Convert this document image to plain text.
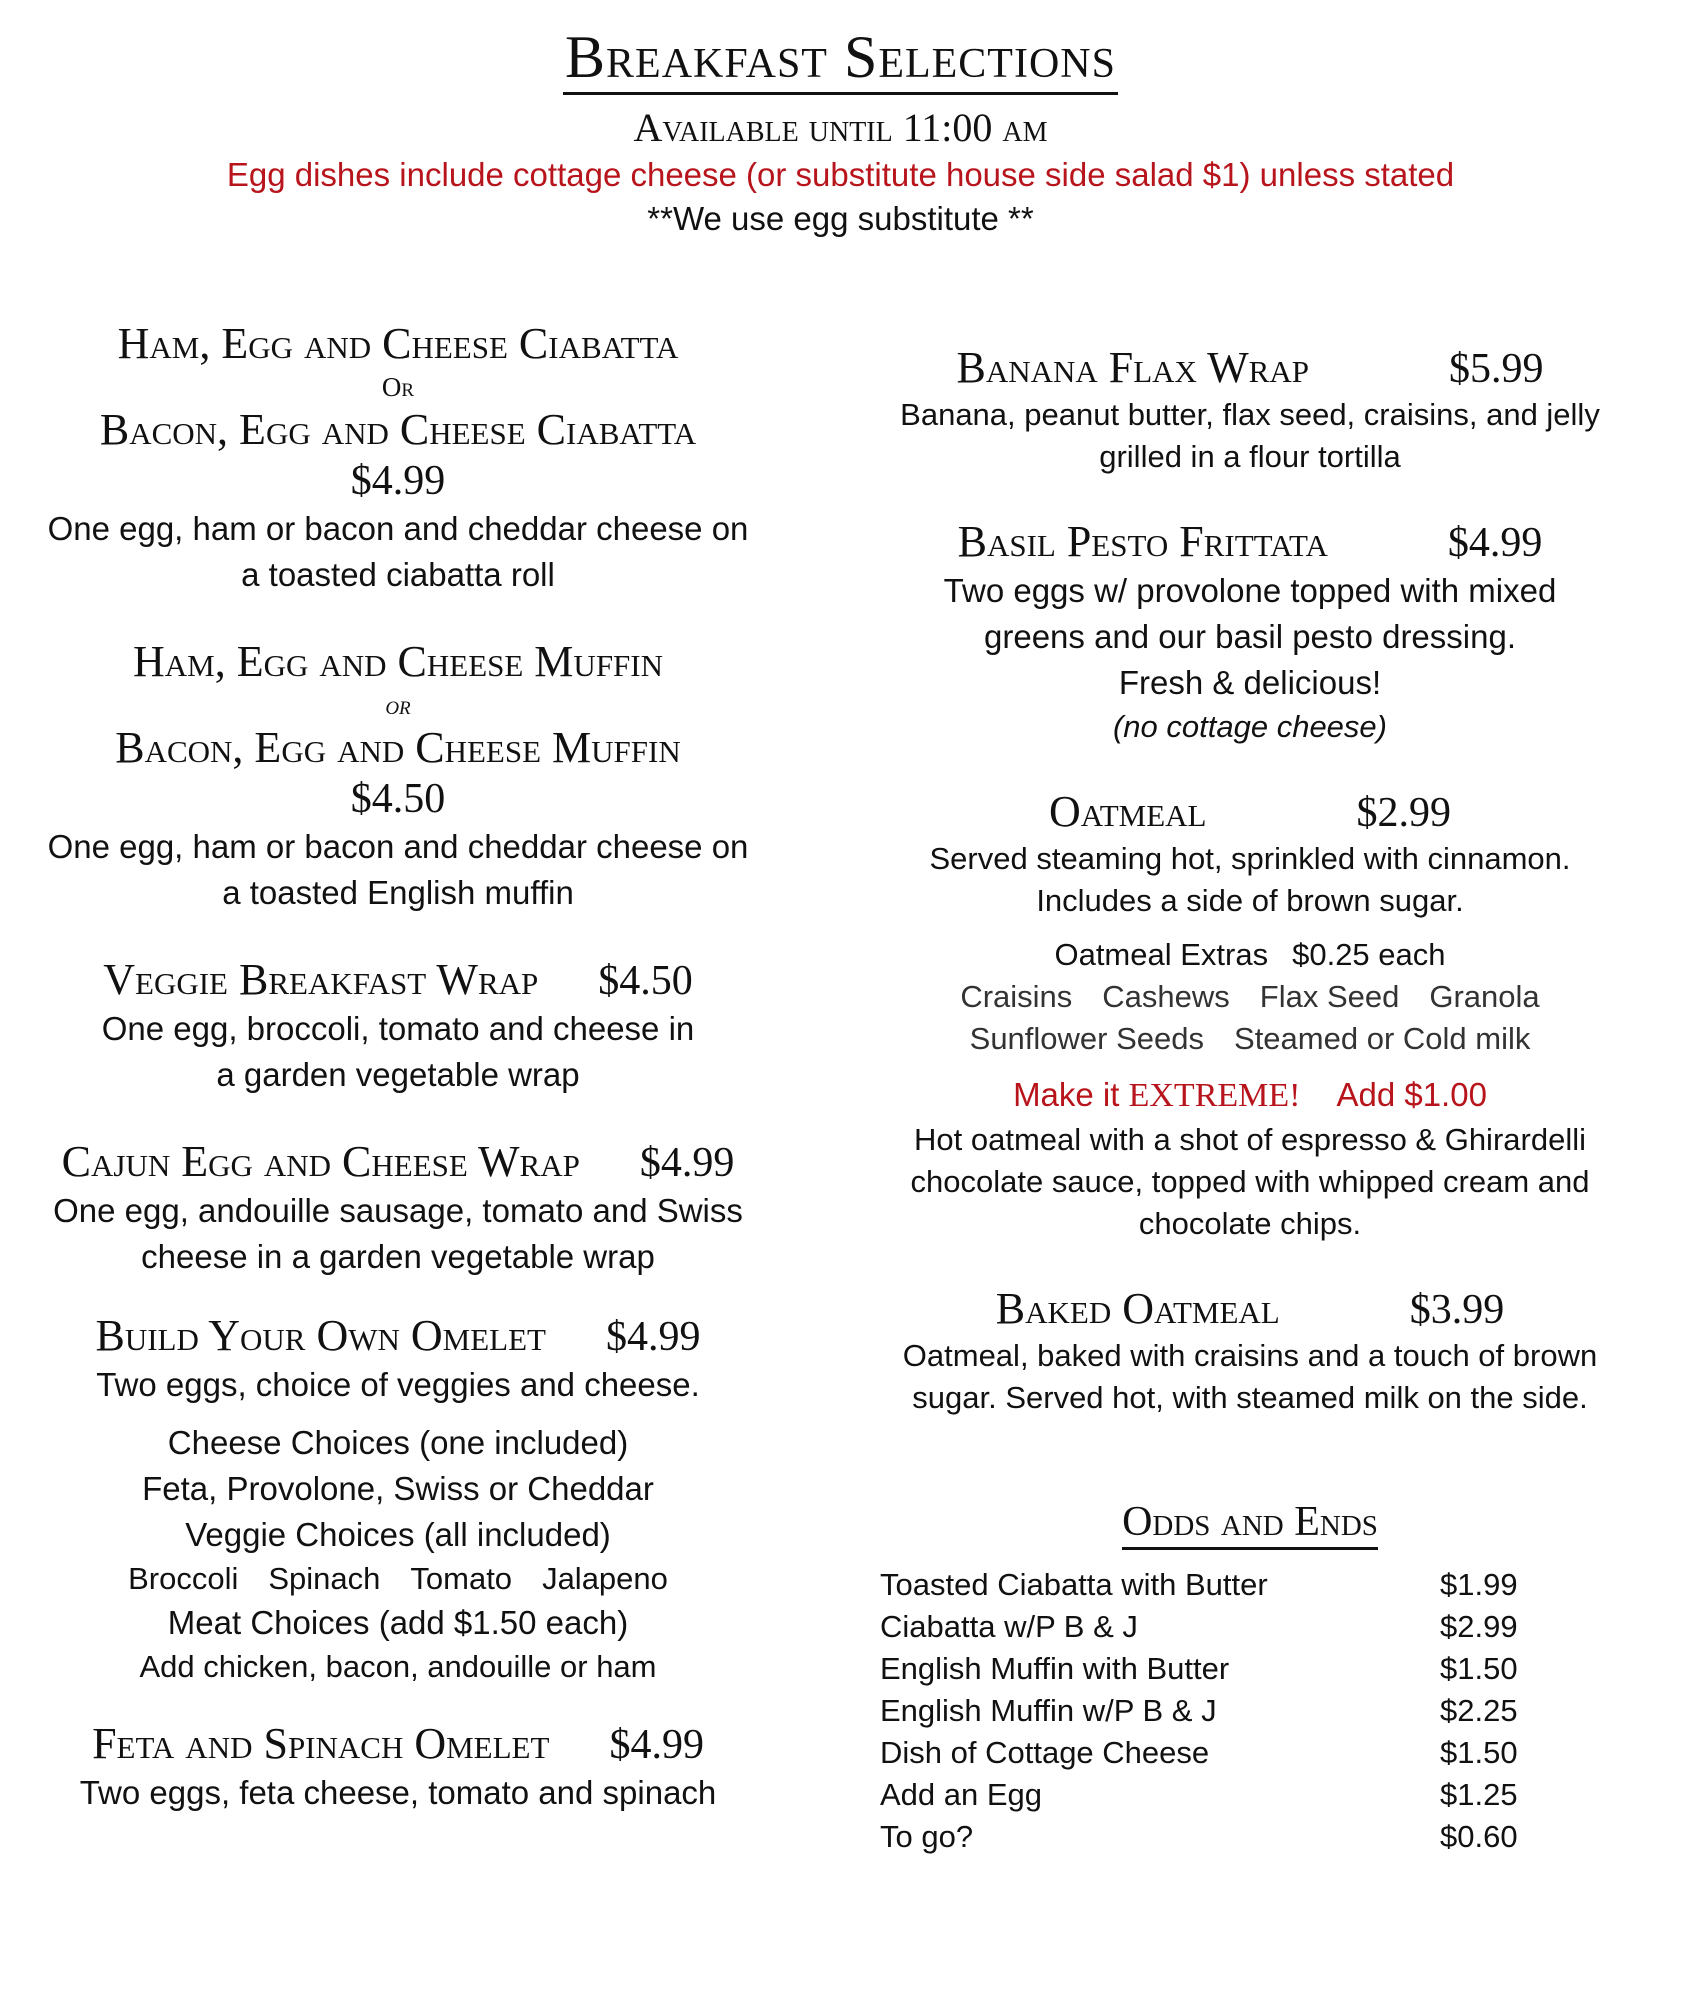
Breakfast Selections
Available until 11:00 am
Egg dishes include cottage cheese (or substitute house side salad $1) unless stated
**We use egg substitute **
Ham, Egg and Cheese Ciabatta
Or
Bacon, Egg and Cheese Ciabatta
$4.99
One egg, ham or bacon and cheddar cheese on
a toasted ciabatta roll
Ham, Egg and Cheese Muffin
or
Bacon, Egg and Cheese Muffin
$4.50
One egg, ham or bacon and cheddar cheese on
a toasted English muffin
Veggie Breakfast Wrap $4.50
One egg, broccoli, tomato and cheese in
a garden vegetable wrap
Cajun Egg and Cheese Wrap $4.99
One egg, andouille sausage, tomato and Swiss
cheese in a garden vegetable wrap
Build Your Own Omelet $4.99
Two eggs, choice of veggies and cheese.
Cheese Choices (one included)
Feta, Provolone, Swiss or Cheddar
Veggie Choices (all included)
Broccoli Spinach Tomato Jalapeno
Meat Choices (add $1.50 each)
Add chicken, bacon, andouille or ham
Feta and Spinach Omelet $4.99
Two eggs, feta cheese, tomato and spinach
Banana Flax Wrap	$5.99
Banana, peanut butter, flax seed, craisins, and jelly
grilled in a flour tortilla
Basil Pesto Frittata	$4.99
Two eggs w/ provolone topped with mixed
greens and our basil pesto dressing.
Fresh & delicious!
(no cottage cheese)
Oatmeal	$2.99
Served steaming hot, sprinkled with cinnamon.
Includes a side of brown sugar.
Oatmeal Extras $0.25 each
Craisins Cashews Flax Seed Granola
Sunflower Seeds Steamed or Cold milk
Make it EXTREME! Add $1.00
Hot oatmeal with a shot of espresso & Ghirardelli
chocolate sauce, topped with whipped cream and
chocolate chips.
Baked Oatmeal	$3.99
Oatmeal, baked with craisins and a touch of brown
sugar. Served hot, with steamed milk on the side.
Odds and Ends
Toasted Ciabatta with Butter	$1.99
Ciabatta w/P B & J	$2.99
English Muffin with Butter	$1.50
English Muffin w/P B & J	$2.25
Dish of Cottage Cheese	$1.50
Add an Egg	$1.25
To go?	$0.60
